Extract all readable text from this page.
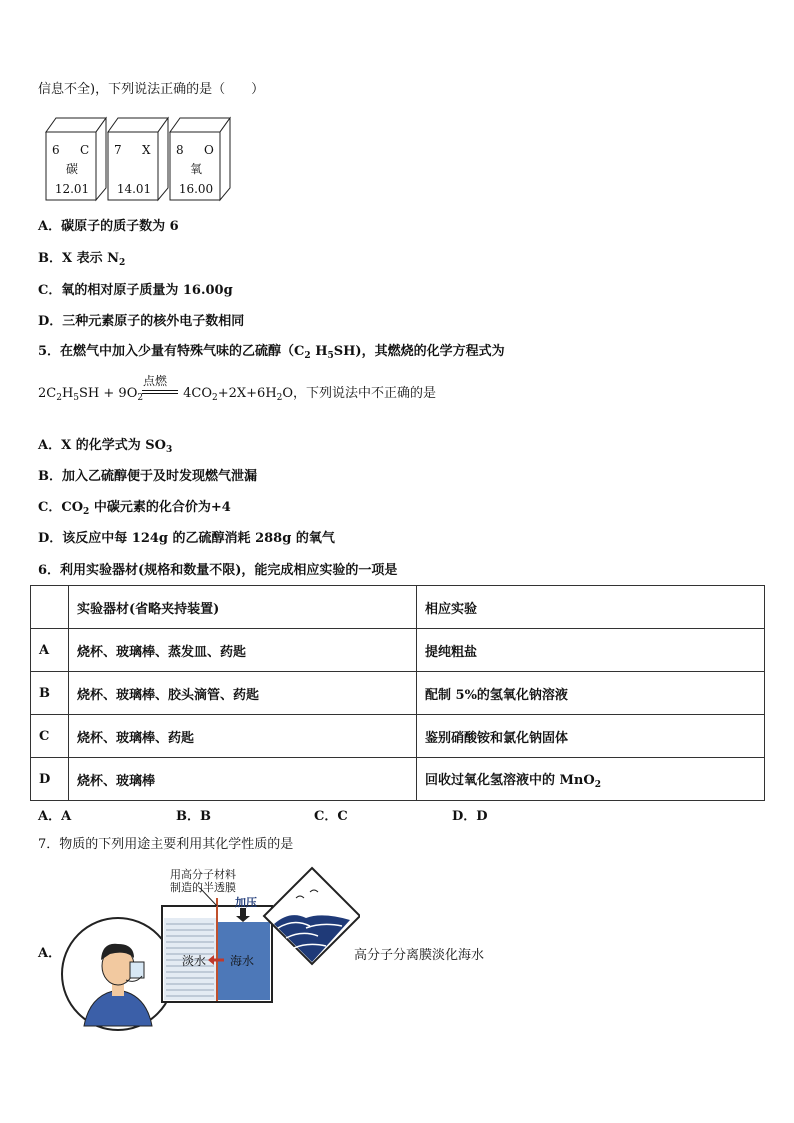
信息不全)，下列说法正确的是（　　）
6 C
碳
12.01
7 X
14.01
8 O
氧
16.00
A．碳原子的质子数为 6
B．X 表示 $N_2$
C．氧的相对原子质量为 16.00g
D．三种元素原子的核外电子数相同
5．在燃气中加入少量有特殊气味的乙硫醇（$C_2$ $H_5SH$)，其燃烧的化学方程式为
点燃
$2C_2H_5SH + 9O_2$	$4CO_2+2X+6H_2O$，下列说法中不正确的是
A．X 的化学式为 $SO_3$
B．加入乙硫醇便于及时发现燃气泄漏
C．$CO_2$ 中碳元素的化合价为+4
D．该反应中每 124g 的乙硫醇消耗 288g 的氧气
6．利用实验器材(规格和数量不限)，能完成相应实验的一项是
	实验器材(省略夹持装置)	相应实验
A	烧杯、玻璃棒、蒸发皿、药匙	提纯粗盐
B	烧杯、玻璃棒、胶头滴管、药匙	配制 5%的氢氧化钠溶液
C	烧杯、玻璃棒、药匙	鉴别硝酸铵和氯化钠固体
D	烧杯、玻璃棒	回收过氧化氢溶液中的 MnO$_2$
A．A	B．B	C．C	D．D
7．物质的下列用途主要利用其化学性质的是
A．
用高分子材料
制造的半透膜
加压
淡水 海水	高分子分离膜淡化海水
